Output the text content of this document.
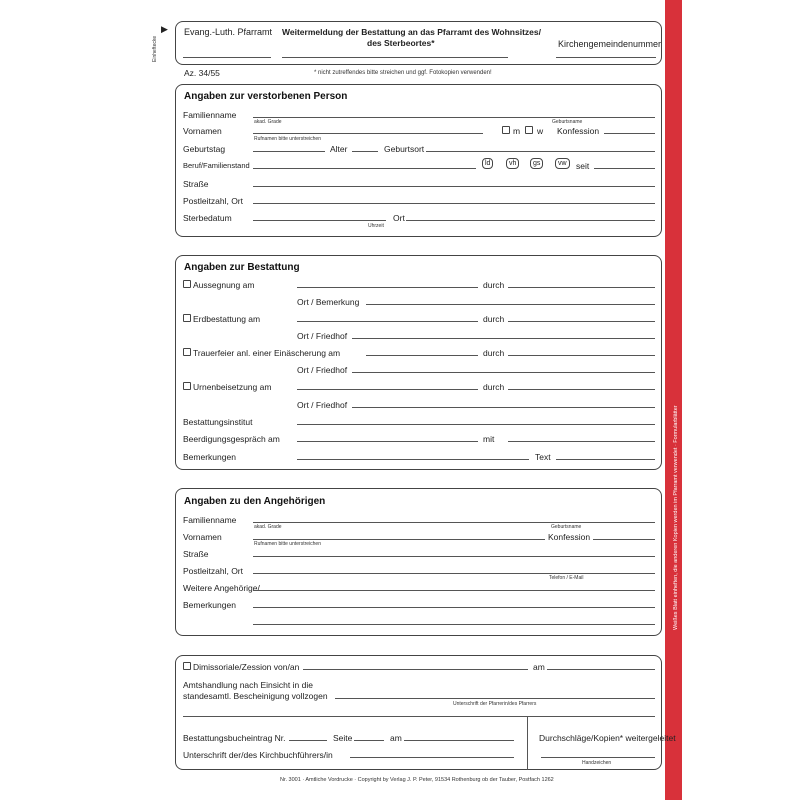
Weißes Blatt einheften, die anderen Kopien werden im Pfarramt verwendet · Formularblätter
▶
Einheftecke
Evang.-Luth. Pfarramt Weitermeldung der Bestattung an das Pfarramt des Wohnsitzes/
des Sterbeortes*	Kirchengemeindenummer
Az. 34/55	* nicht zutreffendes bitte streichen und ggf. Fotokopien verwenden!
Angaben zur verstorbenen Person
Familienname
akad. Grade	Geburtsname
Vornamen	m w Konfession
Rufnamen bitte unterstreichen
Geburtstag	Alter	Geburtsort
Beruf/Familienstand	ld	vh	gs	vw	seit
Straße
Postleitzahl, Ort
Sterbedatum	Ort
Uhrzeit
Angaben zur Bestattung
Aussegnung am	durch
Ort / Bemerkung
Erdbestattung am	durch
Ort / Friedhof
Trauerfeier anl. einer Einäscherung am	durch
Ort / Friedhof
Urnenbeisetzung am	durch
Ort / Friedhof
Bestattungsinstitut
Beerdigungsgespräch am	mit
Bemerkungen	Text
Angaben zu den Angehörigen
Familienname
akad. Grade	Geburtsname
Vornamen	Konfession
Rufnamen bitte unterstreichen
Straße
Postleitzahl, Ort
Telefon / E-Mail
Weitere Angehörige/
Bemerkungen
Dimissoriale/Zession von/an	am
Amtshandlung nach Einsicht in die
standesamtl. Bescheinigung vollzogen
Unterschrift der Pfarrerin/des Pfarrers
Bestattungsbucheintrag Nr.	Seite	am	Durchschläge/Kopien* weitergeleitet
Unterschrift der/des Kirchbuchführers/in
Handzeichen
Nr. 3001 · Amtliche Vordrucke · Copyright by Verlag J. P. Peter, 91534 Rothenburg ob der Tauber, Postfach 1262
